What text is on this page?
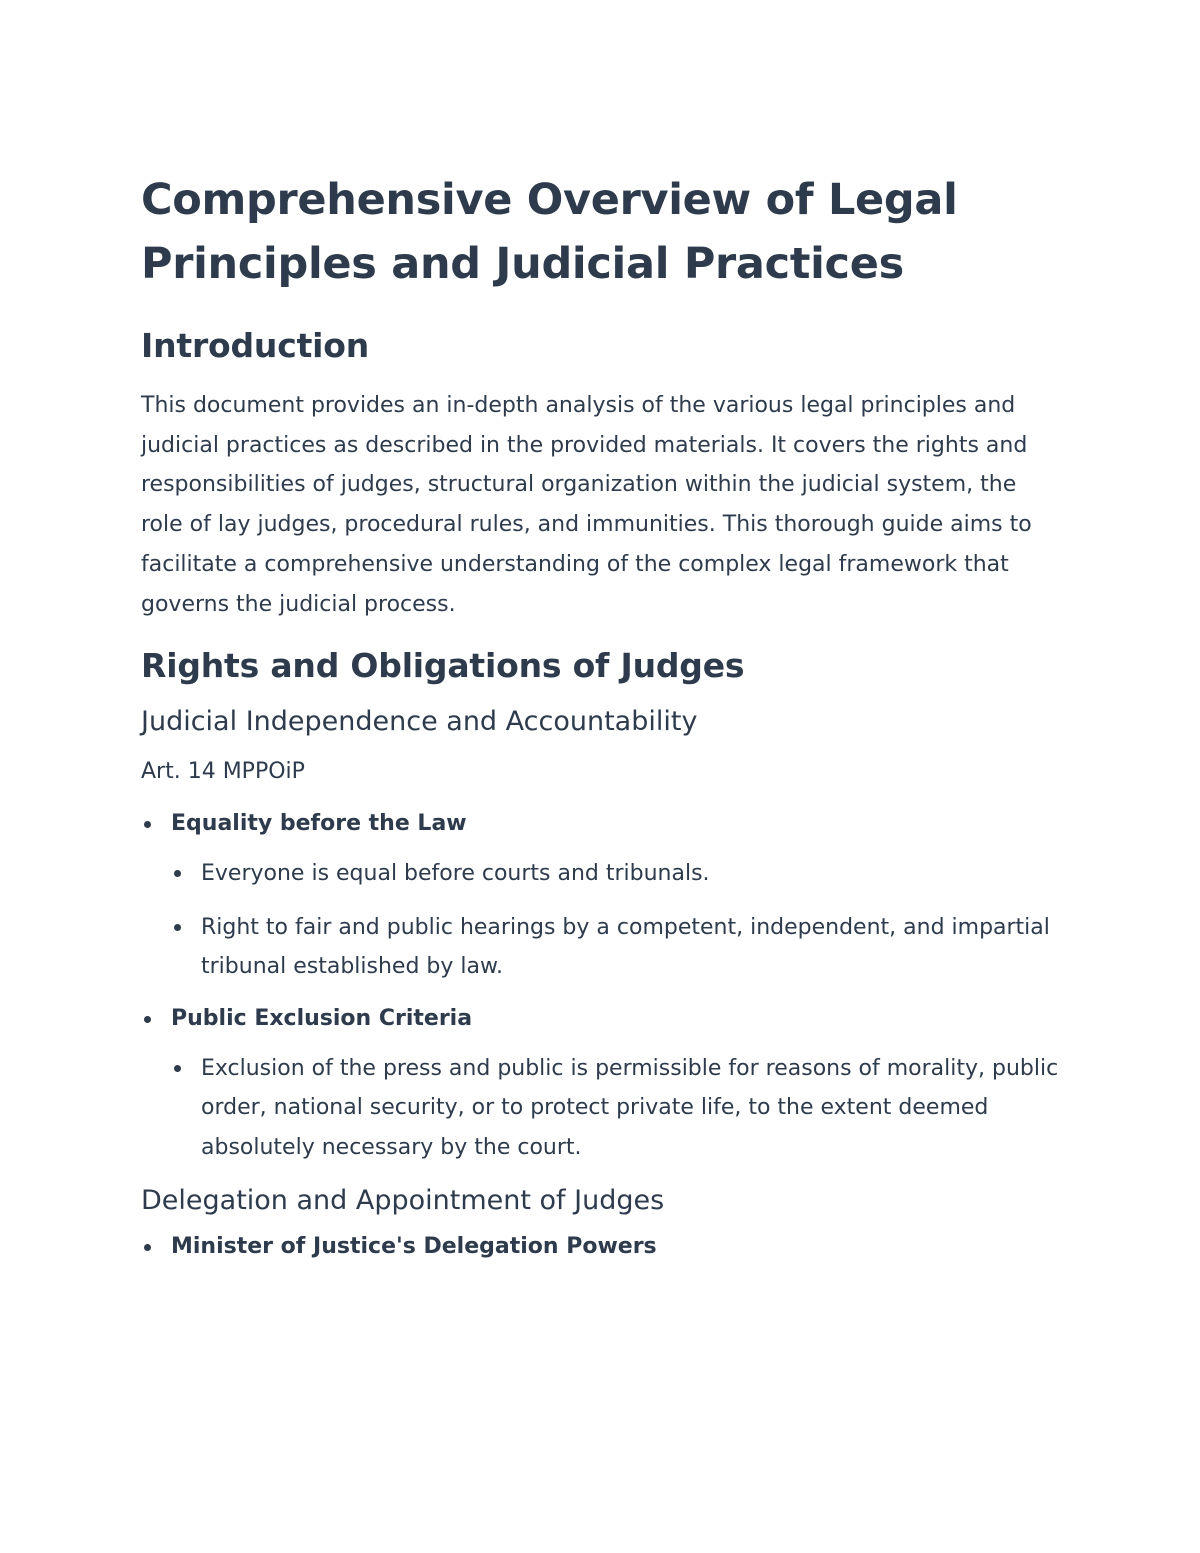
Comprehensive Overview of Legal Principles and Judicial Practices
Introduction

This document provides an in-depth analysis of the various legal principles and judicial practices as described in the provided materials. It covers the rights and responsibilities of judges, structural organization within the judicial system, the role of lay judges, procedural rules, and immunities. This thorough guide aims to facilitate a comprehensive understanding of the complex legal framework that governs the judicial process.

Rights and Obligations of Judges
Judicial Independence and Accountability

Art. 14 MPPOiP

Equality before the Law
Everyone is equal before courts and tribunals.
Right to fair and public hearings by a competent, independent, and impartial tribunal established by law.
Public Exclusion Criteria
Exclusion of the press and public is permissible for reasons of morality, public order, national security, or to protect private life, to the extent deemed absolutely necessary by the court.
Delegation and Appointment of Judges
Minister of Justice's Delegation Powers
